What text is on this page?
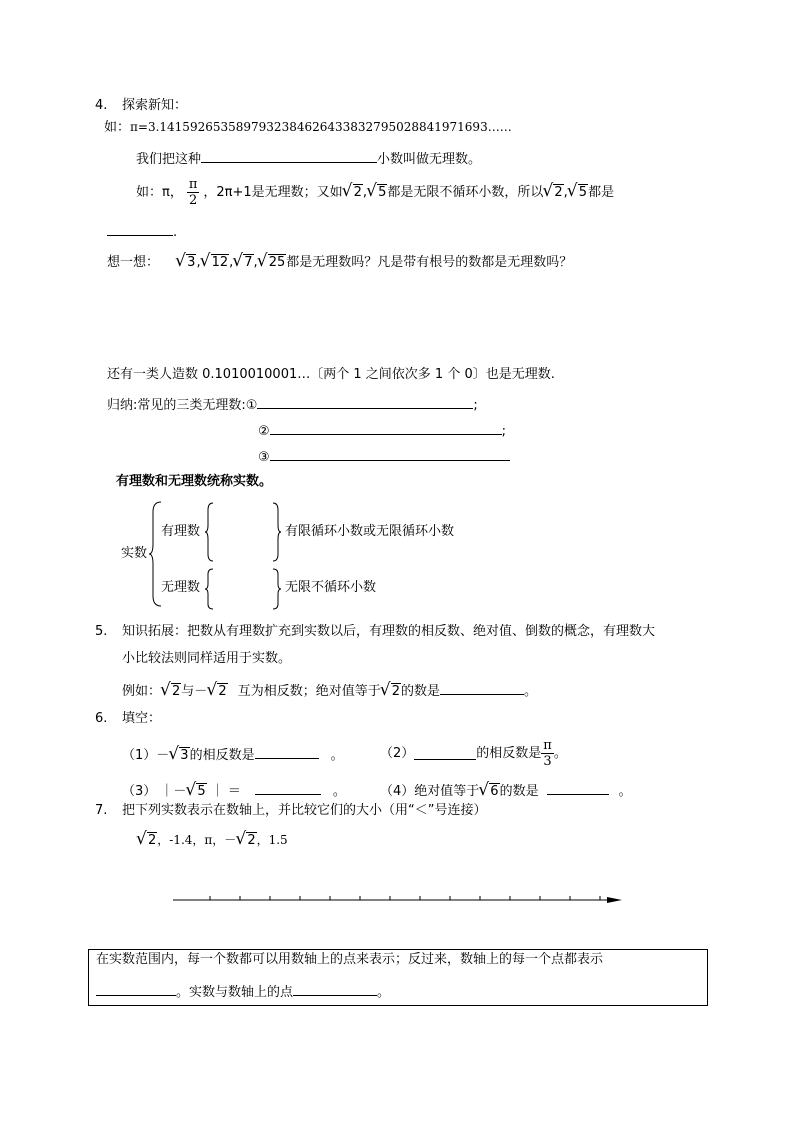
4. 探索新知：
如：π=3.1415926535897932384626433832795028841971693……
我们把这种	小数叫做无理数。
如：π， $\frac{\pi}{2}$ ，2π+1是无理数；又如 √ 2 , √ 5 都是无限不循环小数，所以 √ 2 , √ 5 都是
.
想一想： √ 3, √ 12, √ 7, √ 25都是无理数吗？凡是带有根号的数都是无理数吗？
还有一类人造数 0.1010010001…〔两个 1 之间依次多 1 个 0〕也是无理数.
归纳:常见的三类无理数:①	;
②	;
③
有理数和无理数统称实数。
实数
有理数	有限循环小数或无限循环小数
无理数	无限不循环小数
5. 知识拓展：把数从有理数扩充到实数以后，有理数的相反数、绝对值、倒数的概念，有理数大
小比较法则同样适用于实数。
例如： √ 2与－ √ 2 互为相反数；绝对值等于 √ 2的数是	。
6. 填空：
（1）－ √ 3的相反数是	。	（2）	的相反数是 $\frac{\pi}{3}$ 。
（3） ｜－ √ 5 ｜ ＝	。	（4）绝对值等于 √ 6的数是	。
7. 把下列实数表示在数轴上，并比较它们的大小（用“＜”号连接）
√ 2，-1.4，π，－ √ 2，1.5
在实数范围内，每一个数都可以用数轴上的点来表示；反过来，数轴上的每一个点都表示
。实数与数轴上的点	。
